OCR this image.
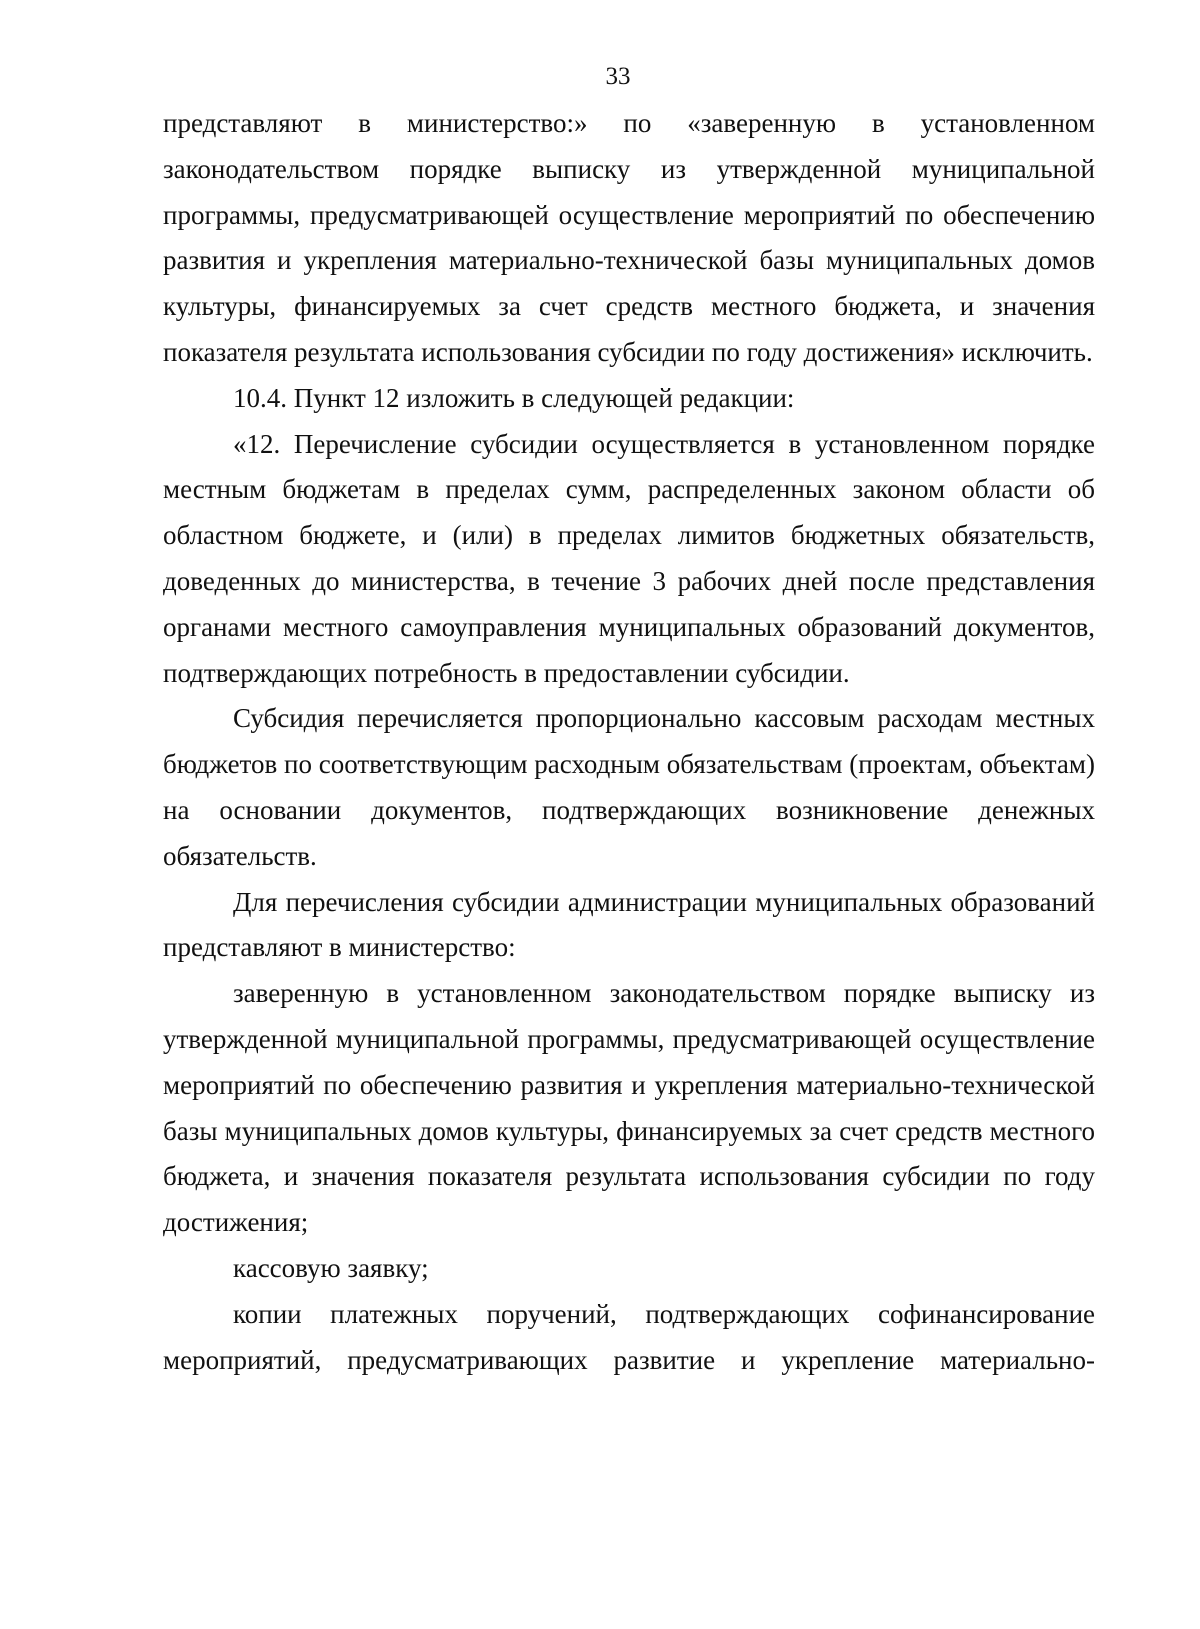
33

представляют в министерство:» по «заверенную в установленном законодательством порядке выписку из утвержденной муниципальной программы, предусматривающей осуществление мероприятий по обеспечению развития и укрепления материально-технической базы муниципальных домов культуры, финансируемых за счет средств местного бюджета, и значения показателя результата использования субсидии по году достижения» исключить.

10.4. Пункт 12 изложить в следующей редакции:

«12. Перечисление субсидии осуществляется в установленном порядке местным бюджетам в пределах сумм, распределенных законом области об областном бюджете, и (или) в пределах лимитов бюджетных обязательств, доведенных до министерства, в течение 3 рабочих дней после представления органами местного самоуправления муниципальных образований документов, подтверждающих потребность в предоставлении субсидии.

Субсидия перечисляется пропорционально кассовым расходам местных бюджетов по соответствующим расходным обязательствам (проектам, объектам) на основании документов, подтверждающих возникновение денежных обязательств.

Для перечисления субсидии администрации муниципальных образований представляют в министерство:

заверенную в установленном законодательством порядке выписку из утвержденной муниципальной программы, предусматривающей осуществление мероприятий по обеспечению развития и укрепления материально-технической базы муниципальных домов культуры, финансируемых за счет средств местного бюджета, и значения показателя результата использования субсидии по году достижения;

кассовую заявку;

копии платежных поручений, подтверждающих софинансирование мероприятий, предусматривающих развитие и укрепление материально-
